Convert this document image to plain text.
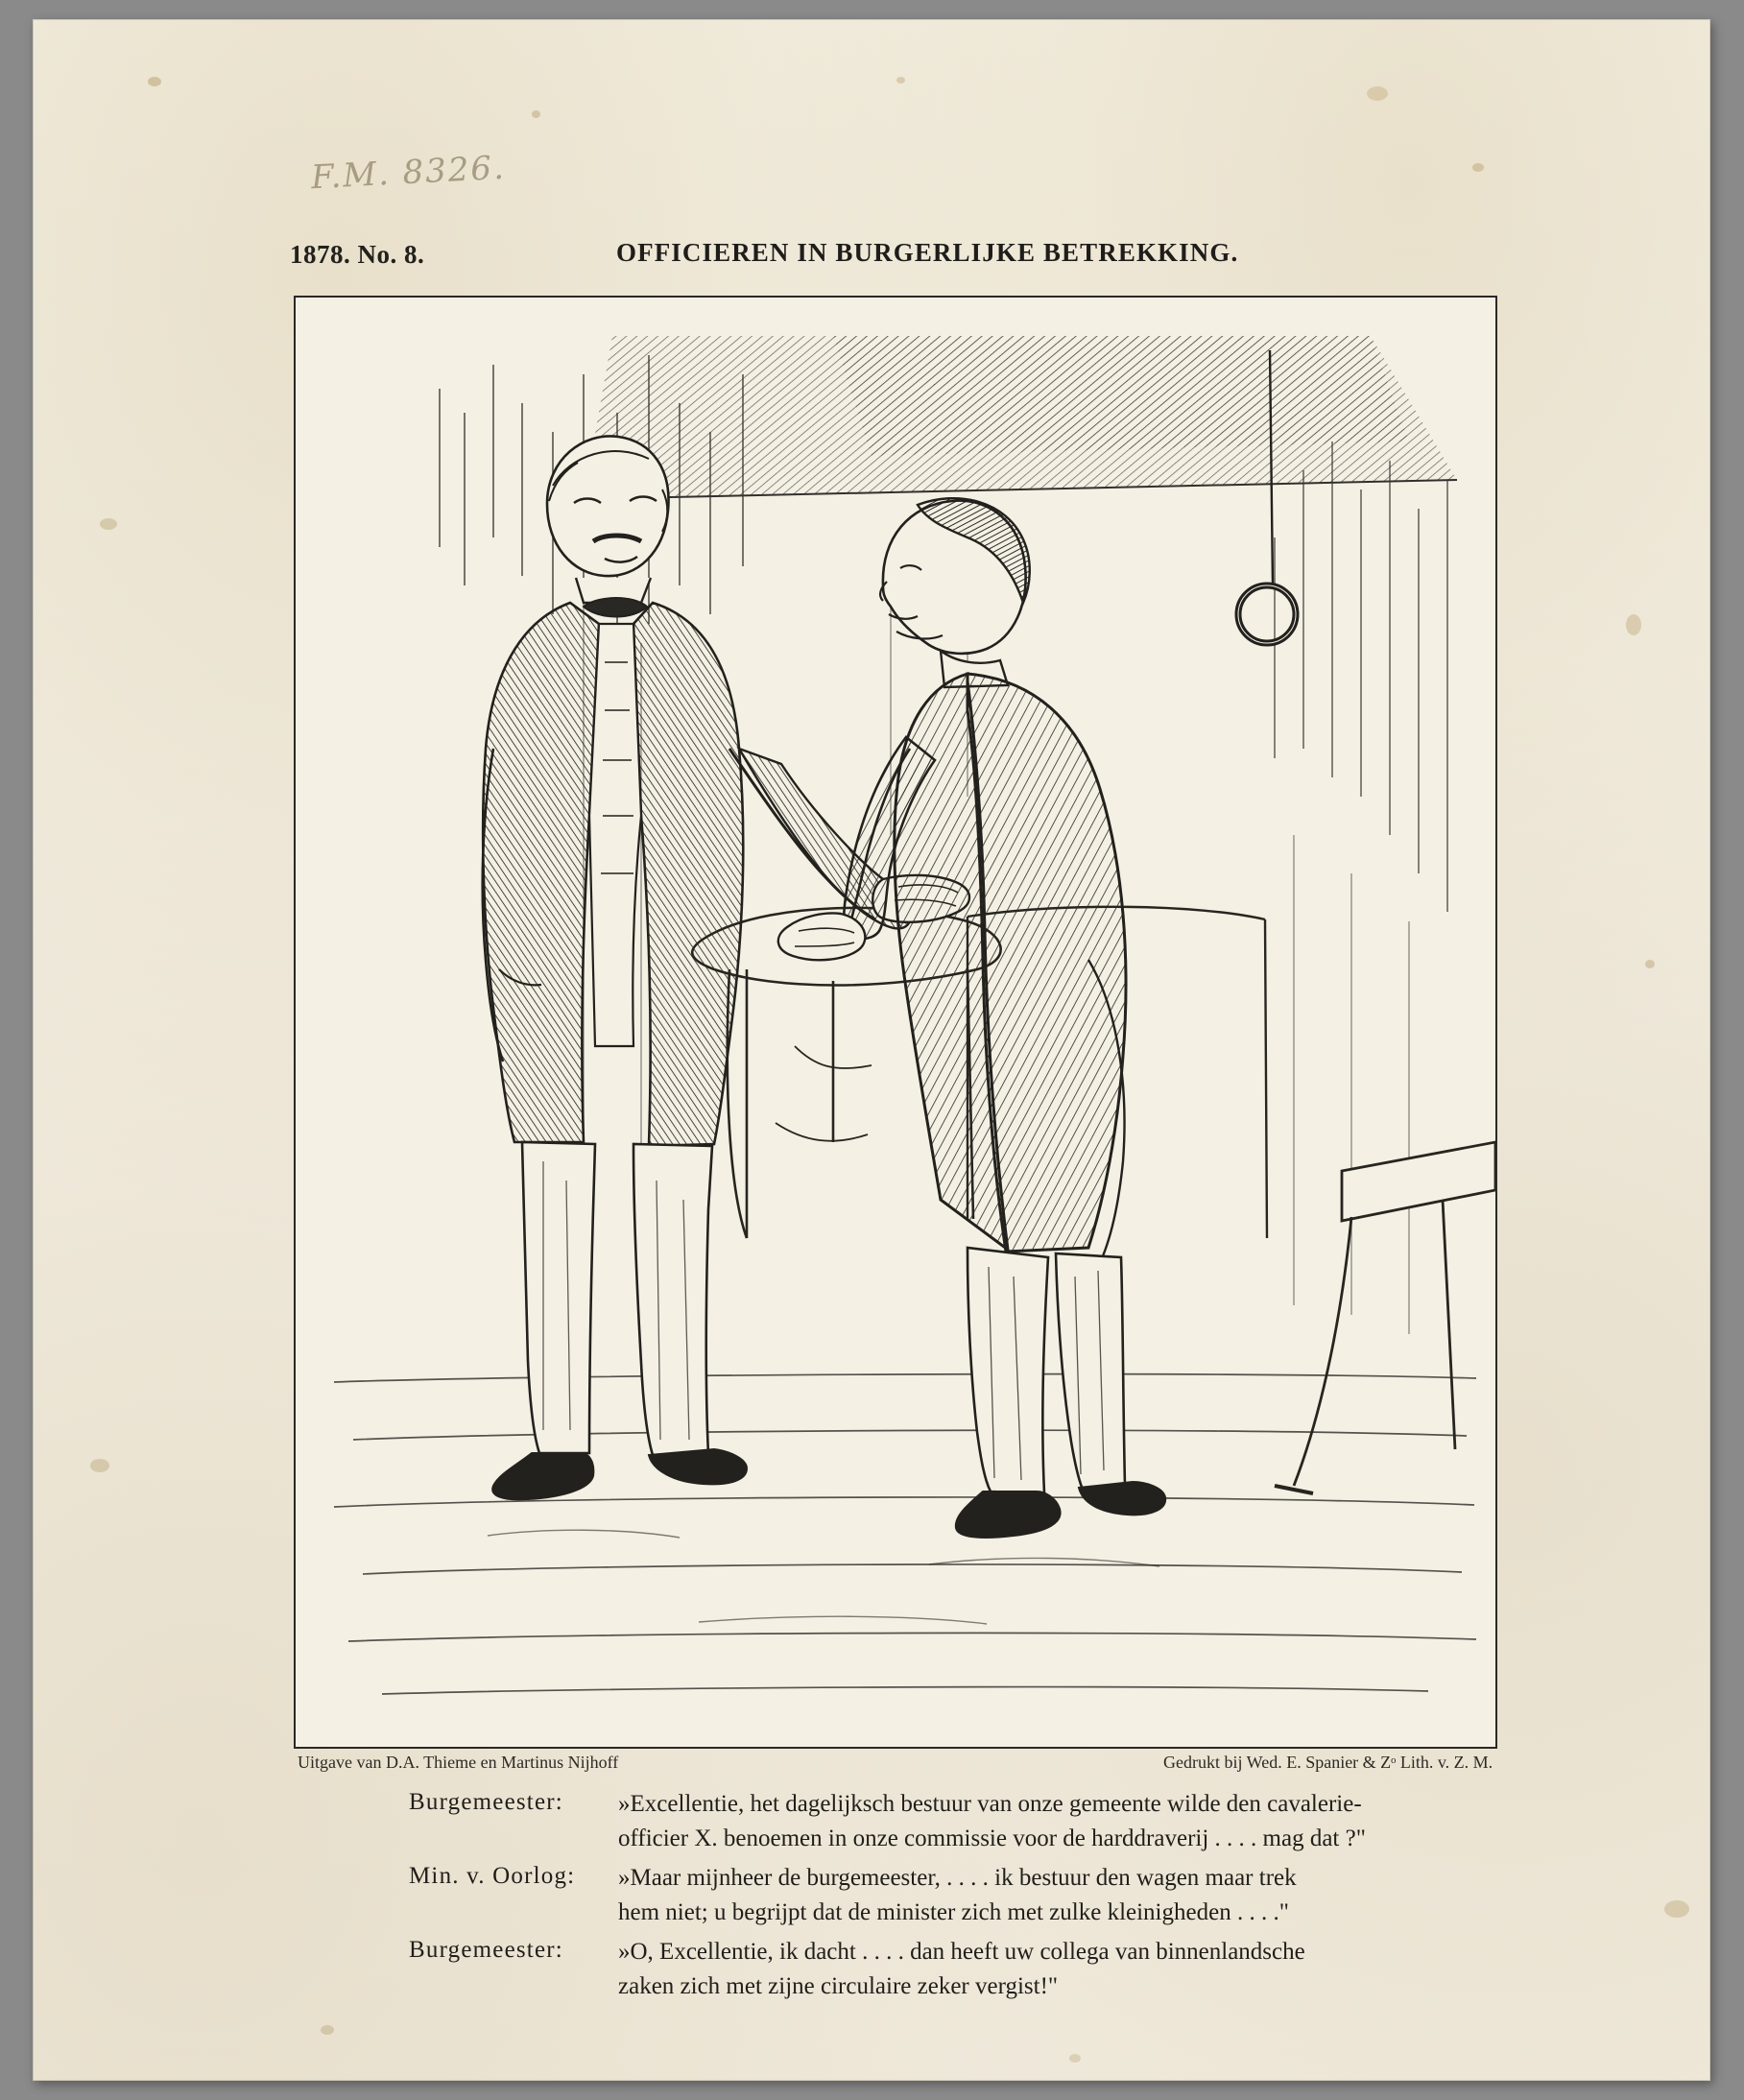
F.M. 8326.
1878. No. 8.	OFFICIEREN IN BURGERLIJKE BETREKKING.
Uitgave van D.A. Thieme en Martinus Nijhoff	Gedrukt bij Wed. E. Spanier & Zᵒ Lith. v. Z. M.
Burgemeester:	»Excellentie, het dagelijksch bestuur van onze gemeente wilde den cavalerie-
officier X. benoemen in onze commissie voor de harddraverij . . . . mag dat ?"
Min. v. Oorlog:	»Maar mijnheer de burgemeester, . . . . ik bestuur den wagen maar trek
hem niet; u begrijpt dat de minister zich met zulke kleinigheden . . . ."
Burgemeester:	»O, Excellentie, ik dacht . . . . dan heeft uw collega van binnenlandsche
zaken zich met zijne circulaire zeker vergist!"
